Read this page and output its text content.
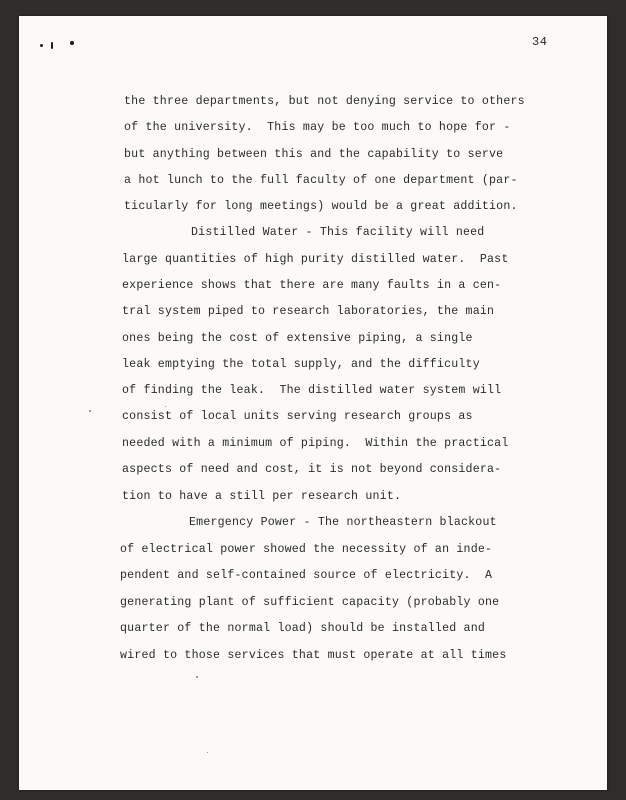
34
the three departments, but not denying service to others
of the university.  This may be too much to hope for -
but anything between this and the capability to serve
a hot lunch to the full faculty of one department (par-
ticularly for long meetings) would be a great addition.
Distilled Water - This facility will need
large quantities of high purity distilled water.  Past
experience shows that there are many faults in a cen-
tral system piped to research laboratories, the main
ones being the cost of extensive piping, a single
leak emptying the total supply, and the difficulty
of finding the leak.  The distilled water system will
consist of local units serving research groups as
needed with a minimum of piping.  Within the practical
aspects of need and cost, it is not beyond considera-
tion to have a still per research unit.
Emergency Power - The northeastern blackout
of electrical power showed the necessity of an inde-
pendent and self-contained source of electricity.  A
generating plant of sufficient capacity (probably one
quarter of the normal load) should be installed and
wired to those services that must operate at all times
